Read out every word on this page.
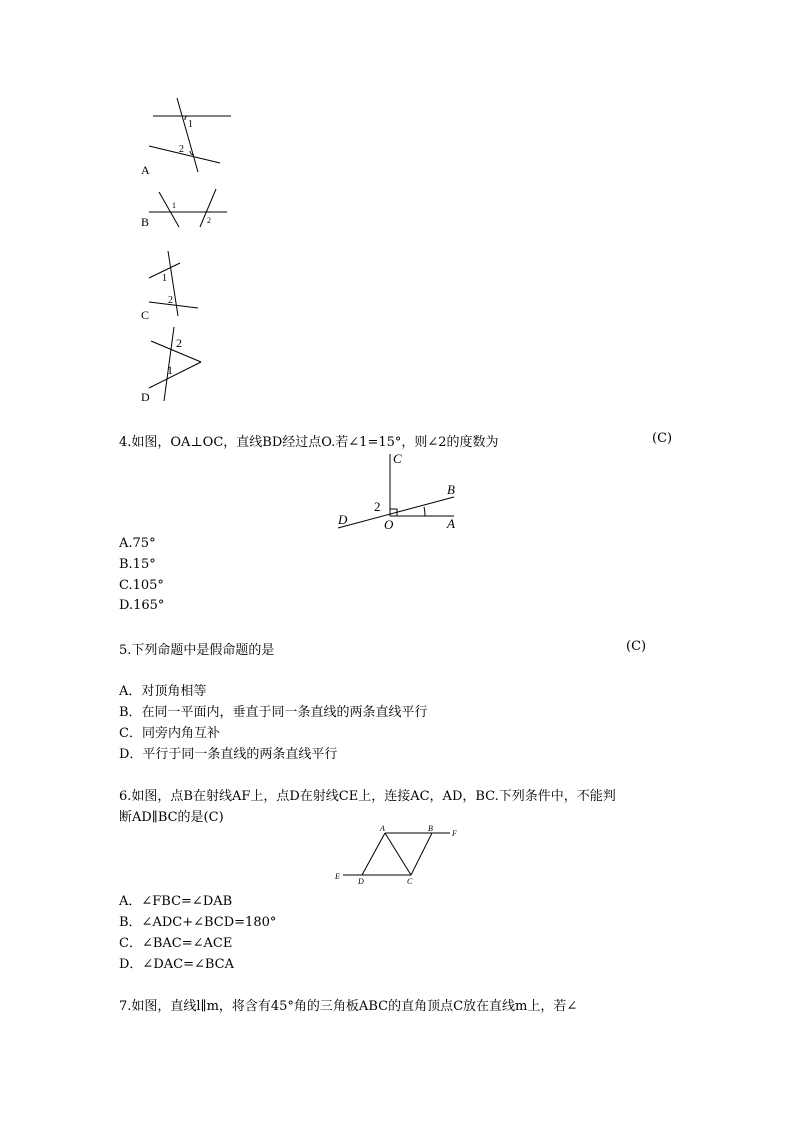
1
2
A
1
2
B
1
2
C
2
1
D
4.如图，OA⊥OC，直线BD经过点O.若∠1=15°，则∠2的度数为	(C)
C
B
2
D	O	A
A.75°
B.15°
C.105°
D.165°
5.下列命题中是假命题的是	(C)
A．对顶角相等
B．在同一平面内，垂直于同一条直线的两条直线平行
C．同旁内角互补
D．平行于同一条直线的两条直线平行
6.如图，点B在射线AF上，点D在射线CE上，连接AC，AD，BC.下列条件中，不能判
断AD∥BC的是(C)
A	B
F
E
D	C
A．∠FBC=∠DAB
B．∠ADC+∠BCD=180°
C．∠BAC=∠ACE
D．∠DAC=∠BCA
7.如图，直线l∥m，将含有45°角的三角板ABC的直角顶点C放在直线m上，若∠
